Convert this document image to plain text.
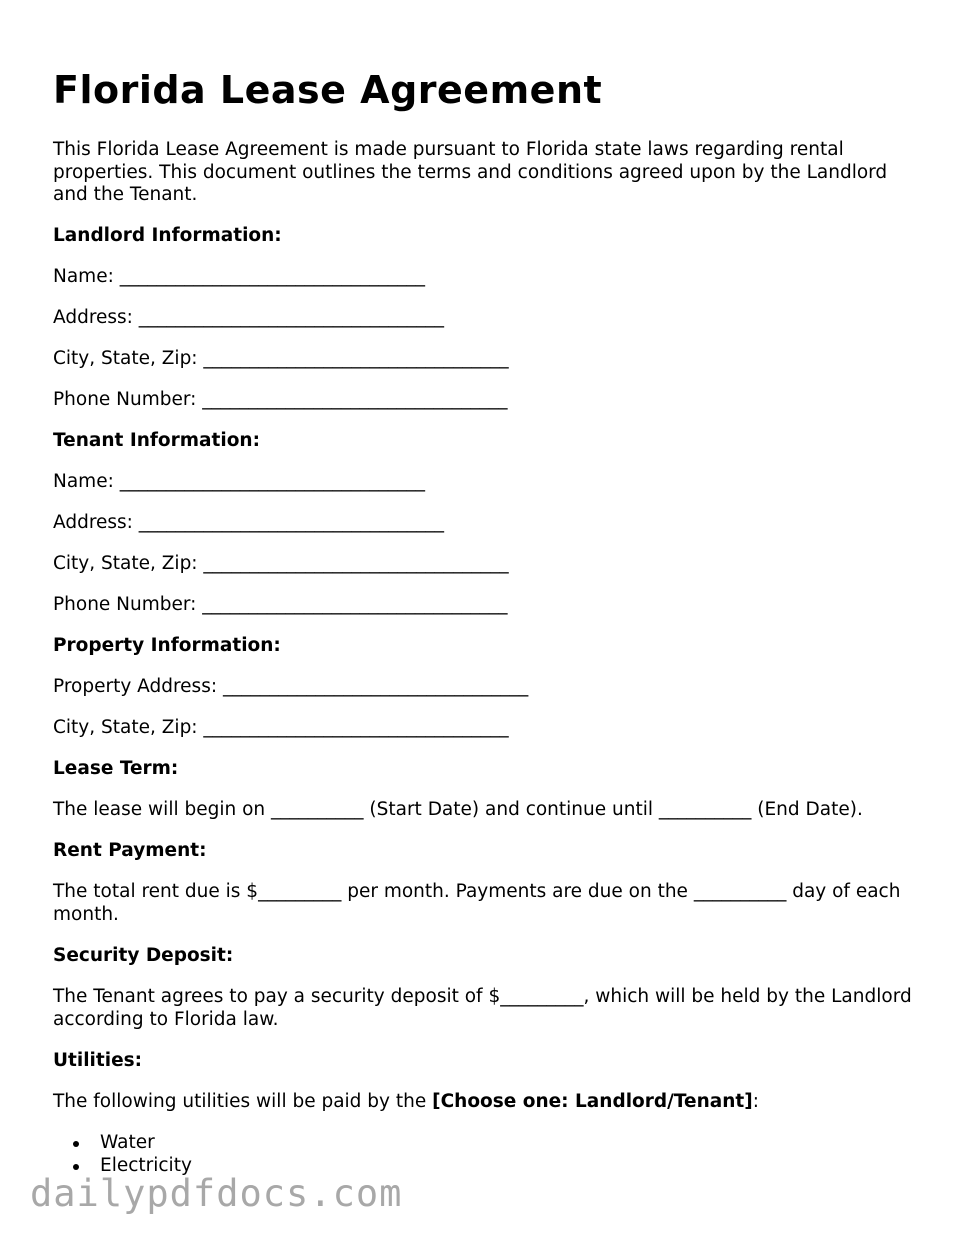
Florida Lease Agreement

This Florida Lease Agreement is made pursuant to Florida state laws regarding rental properties. This document outlines the terms and conditions agreed upon by the Landlord and the Tenant.

Landlord Information:

Name: _________________________________

Address: _________________________________

City, State, Zip: _________________________________

Phone Number: _________________________________

Tenant Information:

Name: _________________________________

Address: _________________________________

City, State, Zip: _________________________________

Phone Number: _________________________________

Property Information:

Property Address: _________________________________

City, State, Zip: _________________________________

Lease Term:

The lease will begin on __________ (Start Date) and continue until __________ (End Date).

Rent Payment:

The total rent due is $_________ per month. Payments are due on the __________ day of each month.

Security Deposit:

The Tenant agrees to pay a security deposit of $_________, which will be held by the Landlord according to Florida law.

Utilities:

The following utilities will be paid by the [Choose one: Landlord/Tenant]:

Water
Electricity
dailypdfdocs.com
